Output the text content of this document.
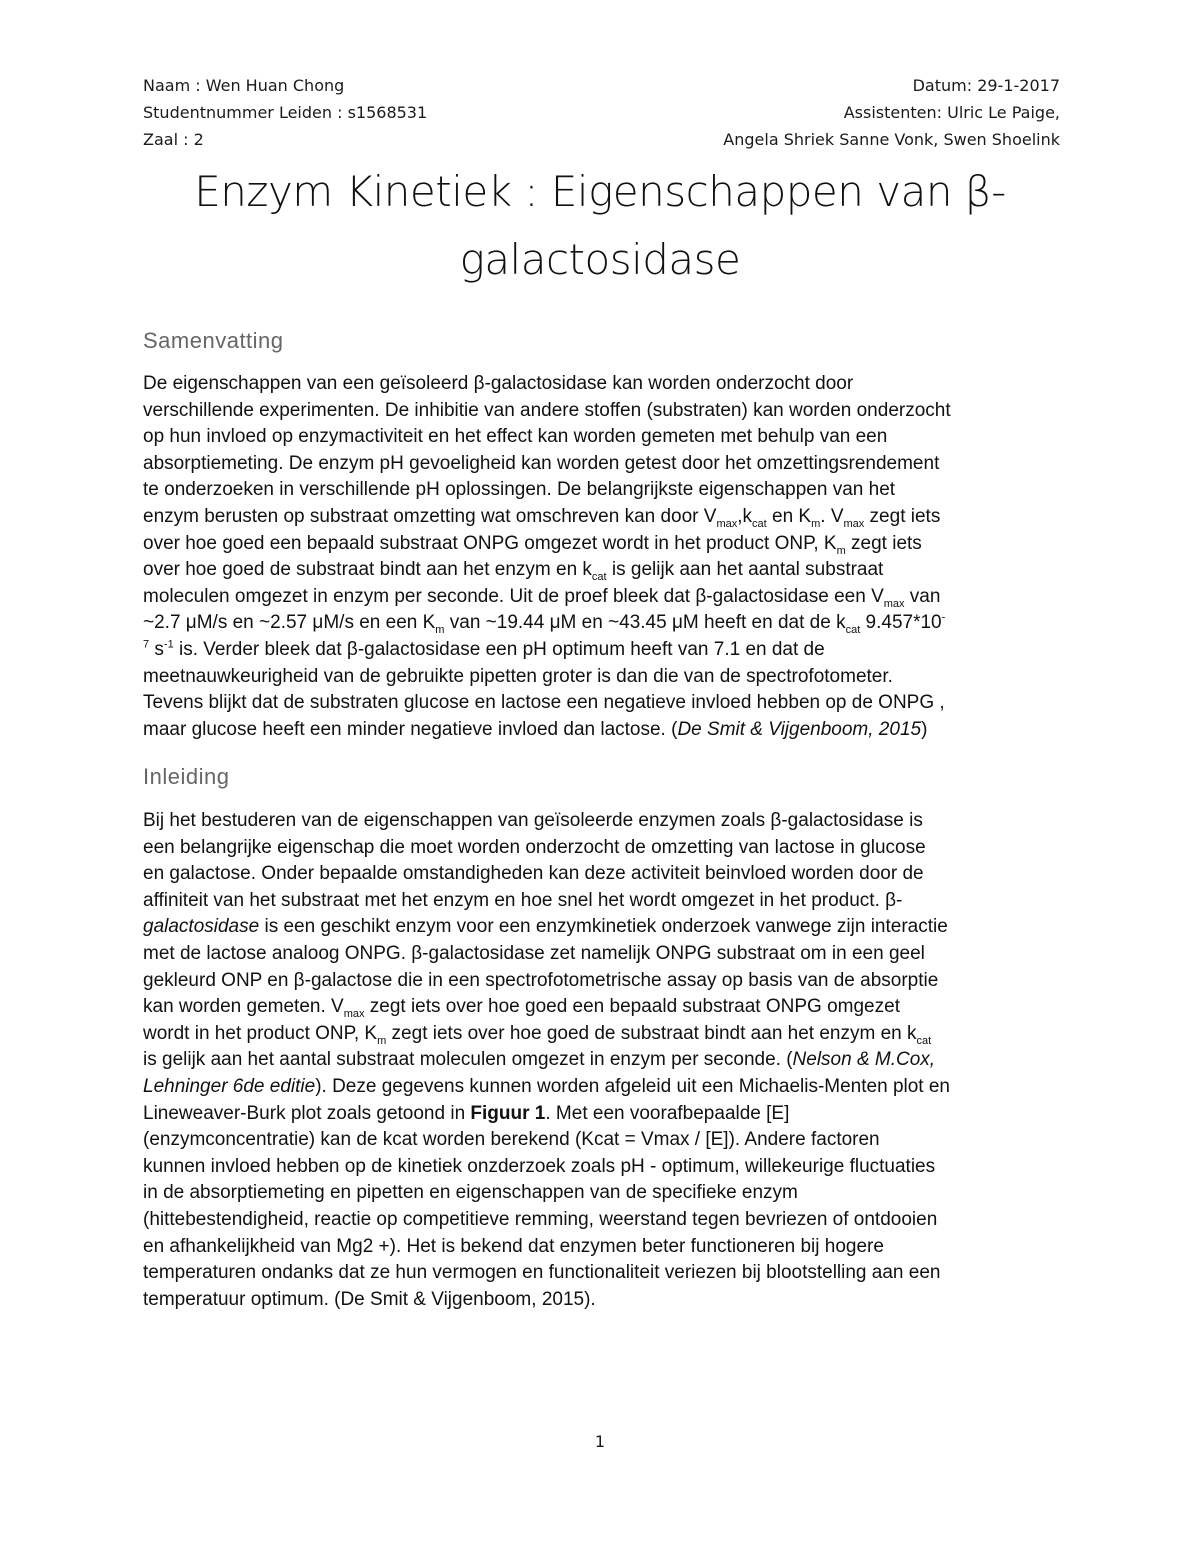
Naam : Wen Huan Chong	Datum: 29-1-2017
Studentnummer Leiden : s1568531	Assistenten: Ulric Le Paige,
Zaal : 2	Angela Shriek Sanne Vonk, Swen Shoelink
Enzym Kinetiek : Eigenschappen van β-
galactosidase
Samenvatting
De eigenschappen van een geïsoleerd β-galactosidase kan worden onderzocht door
verschillende experimenten. De inhibitie van andere stoffen (substraten) kan worden onderzocht
op hun invloed op enzymactiviteit en het effect kan worden gemeten met behulp van een
absorptiemeting. De enzym pH gevoeligheid kan worden getest door het omzettingsrendement
te onderzoeken in verschillende pH oplossingen. De belangrijkste eigenschappen van het
enzym berusten op substraat omzetting wat omschreven kan door $V_{max},k_{cat}$ en $K_m$. $V_{max}$ zegt iets
over hoe goed een bepaald substraat ONPG omgezet wordt in het product ONP, $K_m$ zegt iets
over hoe goed de substraat bindt aan het enzym en $k_{cat}$ is gelijk aan het aantal substraat
moleculen omgezet in enzym per seconde. Uit de proef bleek dat β-galactosidase een $V_{max}$ van
~2.7 μM/s en ~2.57 μM/s en een $K_m$ van ~19.44 μM en ~43.45 μM heeft en dat de $k_{cat}$ 9.457*10-
$^7$ $s^{-1}$ is. Verder bleek dat β-galactosidase een pH optimum heeft van 7.1 en dat de
meetnauwkeurigheid van de gebruikte pipetten groter is dan die van de spectrofotometer.
Tevens blijkt dat de substraten glucose en lactose een negatieve invloed hebben op de ONPG ,
maar glucose heeft een minder negatieve invloed dan lactose. (De Smit & Vijgenboom, 2015)
Inleiding
Bij het bestuderen van de eigenschappen van geïsoleerde enzymen zoals β-galactosidase is
een belangrijke eigenschap die moet worden onderzocht de omzetting van lactose in glucose
en galactose. Onder bepaalde omstandigheden kan deze activiteit beinvloed worden door de
affiniteit van het substraat met het enzym en hoe snel het wordt omgezet in het product. β-
galactosidase is een geschikt enzym voor een enzymkinetiek onderzoek vanwege zijn interactie
met de lactose analoog ONPG. β-galactosidase zet namelijk ONPG substraat om in een geel
gekleurd ONP en β-galactose die in een spectrofotometrische assay op basis van de absorptie
kan worden gemeten. $V_{max}$ zegt iets over hoe goed een bepaald substraat ONPG omgezet
wordt in het product ONP, $K_m$ zegt iets over hoe goed de substraat bindt aan het enzym en $k_{cat}$
is gelijk aan het aantal substraat moleculen omgezet in enzym per seconde. (Nelson & M.Cox,
Lehninger 6de editie). Deze gegevens kunnen worden afgeleid uit een Michaelis-Menten plot en
Lineweaver-Burk plot zoals getoond in Figuur 1. Met een voorafbepaalde [E]
(enzymconcentratie) kan de kcat worden berekend (Kcat = Vmax / [E]). Andere factoren
kunnen invloed hebben op de kinetiek onzderzoek zoals pH - optimum, willekeurige fluctuaties
in de absorptiemeting en pipetten en eigenschappen van de specifieke enzym
(hittebestendigheid, reactie op competitieve remming, weerstand tegen bevriezen of ontdooien
en afhankelijkheid van Mg2 +). Het is bekend dat enzymen beter functioneren bij hogere
temperaturen ondanks dat ze hun vermogen en functionaliteit veriezen bij blootstelling aan een
temperatuur optimum. (De Smit & Vijgenboom, 2015).
1
